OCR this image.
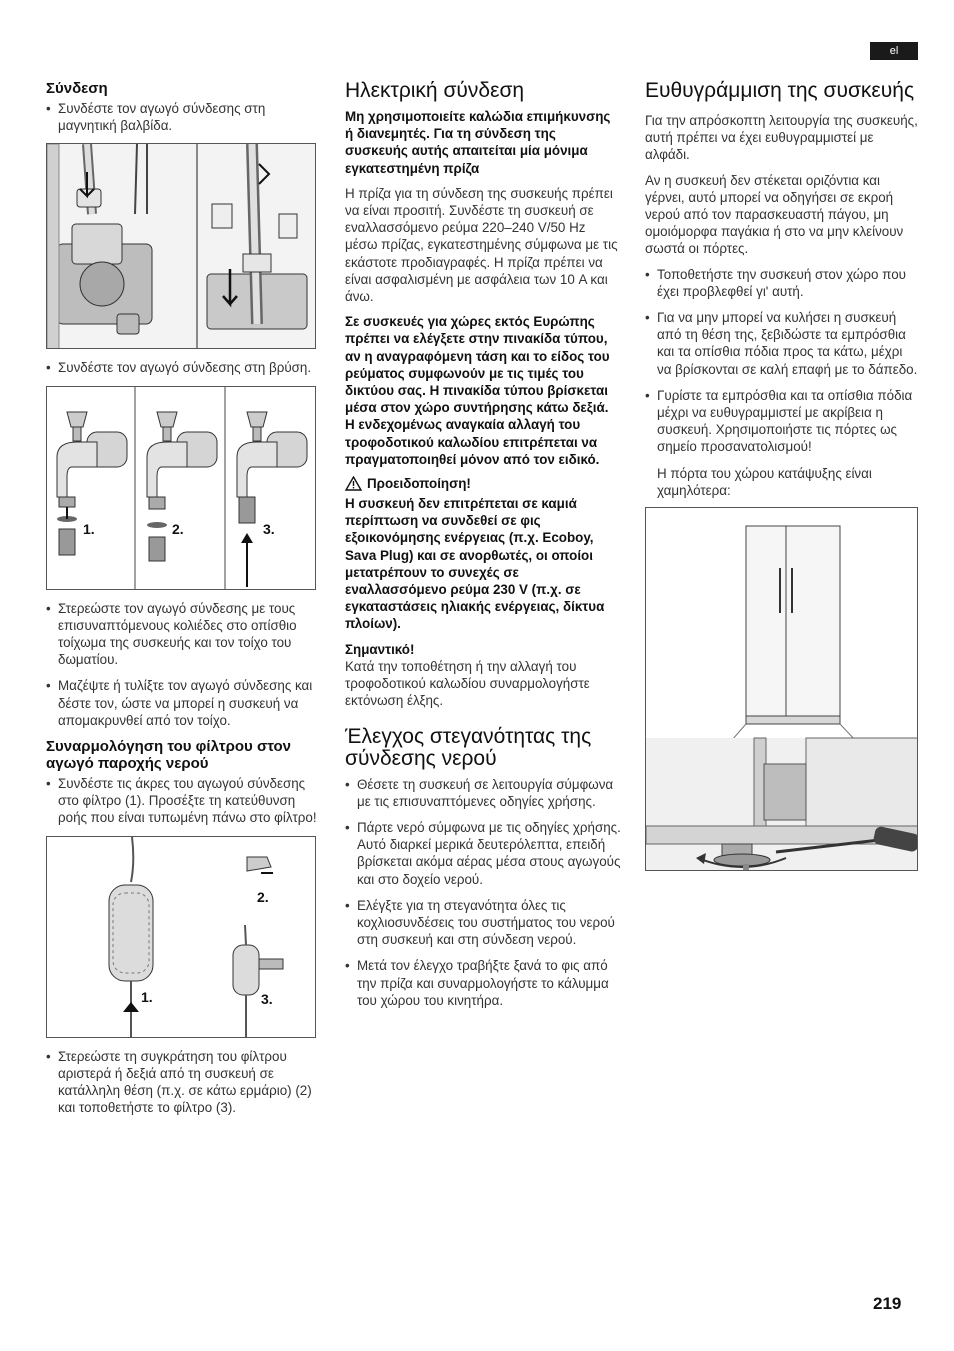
el
Σύνδεση
• Συνδέστε τον αγωγό σύνδεσης στη μαγνητική βαλβίδα.
• Συνδέστε τον αγωγό σύνδεσης στη βρύση.
1.	2.	3.
• Στερεώστε τον αγωγό σύνδεσης με τους επισυναπτόμενους κολιέδες στο οπίσθιο τοίχωμα της συσκευής και τον τοίχο του δωματίου.
• Μαζέψτε ή τυλίξτε τον αγωγό σύνδεσης και δέστε τον, ώστε να μπορεί η συσκευή να απομακρυνθεί από τον τοίχο.
Συναρμολόγηση του φίλτρου στον αγωγό παροχής νερού
• Συνδέστε τις άκρες του αγωγού σύνδεσης στο φίλτρο (1). Προσέξτε τη κατεύθυνση ροής που είναι τυπωμένη πάνω στο φίλτρο!
1.
2.
3.
• Στερεώστε τη συγκράτηση του φίλτρου αριστερά ή δεξιά από τη συσκευή σε κατάλληλη θέση (π.χ. σε κάτω ερμάριο) (2) και τοποθετήστε το φίλτρο (3).
Ηλεκτρική σύνδεση

Μη χρησιμοποιείτε καλώδια επιμήκυνσης ή διανεμητές. Για τη σύνδεση της συσκευής αυτής απαιτείται μία μόνιμα εγκατεστημένη πρίζα

Η πρίζα για τη σύνδεση της συσκευής πρέπει να είναι προσιτή. Συνδέστε τη συσκευή σε εναλλασσόμενο ρεύμα 220–240 V/50 Hz μέσω πρίζας, εγκατεστημένης σύμφωνα με τις εκάστοτε προδιαγραφές. Η πρίζα πρέπει να είναι ασφαλισμένη με ασφάλεια των 10 A και άνω.

Σε συσκευές για χώρες εκτός Ευρώπης πρέπει να ελέγξετε στην πινακίδα τύπου, αν η αναγραφόμενη τάση και το είδος του ρεύματος συμφωνούν με τις τιμές του δικτύου σας. Η πινακίδα τύπου βρίσκεται μέσα στον χώρο συντήρησης κάτω δεξιά. Η ενδεχομένως αναγκαία αλλαγή του τροφοδοτικού καλωδίου επιτρέπεται να πραγματοποιηθεί μόνον από τον ειδικό.

Προειδοποίηση!

Η συσκευή δεν επιτρέπεται σε καμιά περίπτωση να συνδεθεί σε φις εξοικονόμησης ενέργειας (π.χ. Ecoboy, Sava Plug) και σε ανορθωτές, οι οποίοι μετατρέπουν το συνεχές σε εναλλασσόμενο ρεύμα 230 V (π.χ. σε εγκαταστάσεις ηλιακής ενέργειας, δίκτυα πλοίων).

Σημαντικό!

Κατά την τοποθέτηση ή την αλλαγή του τροφοδοτικού καλωδίου συναρμολογήστε εκτόνωση έλξης.

Έλεγχος στεγανότητας της σύνδεσης νερού
• Θέσετε τη συσκευή σε λειτουργία σύμφωνα με τις επισυναπτόμενες οδηγίες χρήσης.
• Πάρτε νερό σύμφωνα με τις οδηγίες χρήσης. Αυτό διαρκεί μερικά δευτερόλεπτα, επειδή βρίσκεται ακόμα αέρας μέσα στους αγωγούς και στο δοχείο νερού.
• Ελέγξτε για τη στεγανότητα όλες τις κοχλιοσυνδέσεις του συστήματος του νερού στη συσκευή και στη σύνδεση νερού.
• Μετά τον έλεγχο τραβήξτε ξανά το φις από την πρίζα και συναρμολογήστε το κάλυμμα του χώρου του κινητήρα.
Ευθυγράμμιση της συσκευής

Για την απρόσκοπτη λειτουργία της συσκευής, αυτή πρέπει να έχει ευθυγραμμιστεί με αλφάδι.

Αν η συσκευή δεν στέκεται οριζόντια και γέρνει, αυτό μπορεί να οδηγήσει σε εκροή νερού από τον παρασκευαστή πάγου, μη ομοιόμορφα παγάκια ή στο να μην κλείνουν σωστά οι πόρτες.

• Τοποθετήστε την συσκευή στον χώρο που έχει προβλεφθεί γι' αυτή.
• Για να μην μπορεί να κυλήσει η συσκευή από τη θέση της, ξεβιδώστε τα εμπρόσθια και τα οπίσθια πόδια προς τα κάτω, μέχρι να βρίσκονται σε καλή επαφή με το δάπεδο.
• Γυρίστε τα εμπρόσθια και τα οπίσθια πόδια μέχρι να ευθυγραμμιστεί με ακρίβεια η συσκευή. Χρησιμοποιήστε τις πόρτες ως σημείο προσανατολισμού!

Η πόρτα του χώρου κατάψυξης είναι χαμηλότερα:

219
